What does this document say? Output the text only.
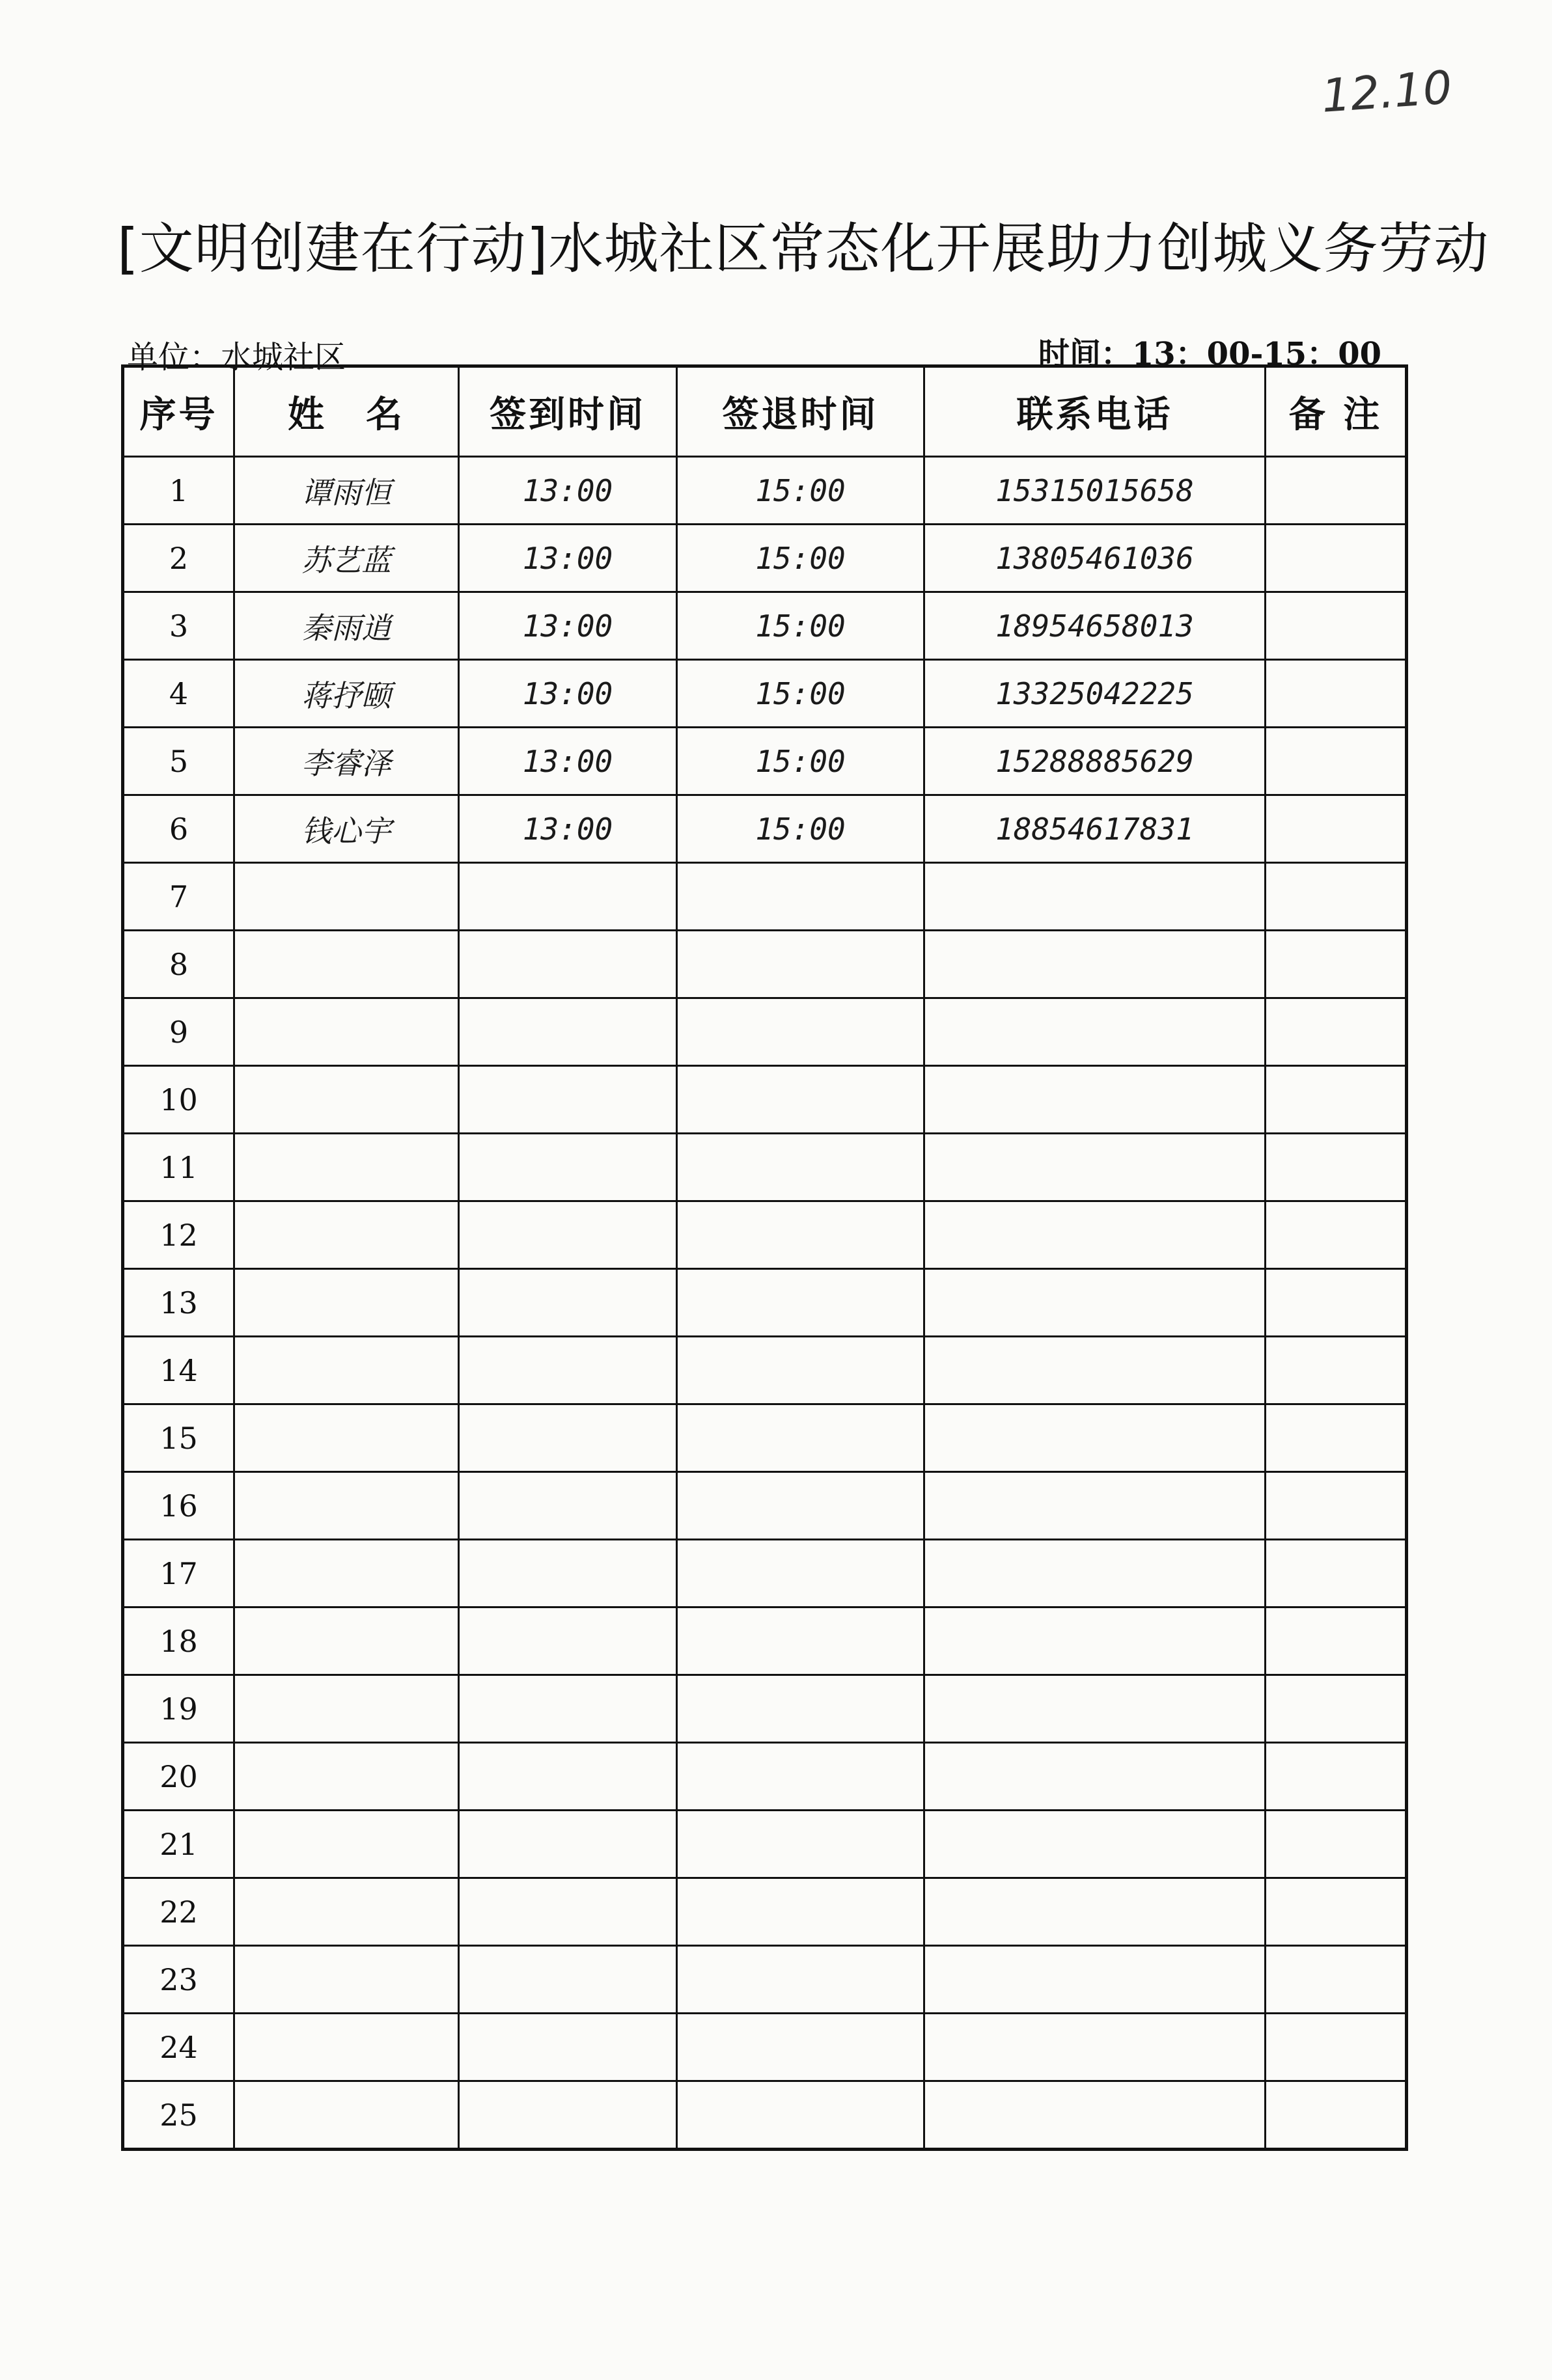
12.10
[文明创建在行动]水城社区常态化开展助力创城义务劳动
单位：水城社区	时间：13：00-15：00
序号	姓　名	签到时间	签退时间	联系电话	备 注
1	谭雨恒	13:00	15:00	15315015658	
2	苏艺蓝	13:00	15:00	13805461036	
3	秦雨逍	13:00	15:00	18954658013	
4	蒋抒颐	13:00	15:00	13325042225	
5	李睿泽	13:00	15:00	15288885629	
6	钱心宇	13:00	15:00	18854617831	
7					
8					
9					
10					
11					
12					
13					
14					
15					
16					
17					
18					
19					
20					
21					
22					
23					
24					
25					
